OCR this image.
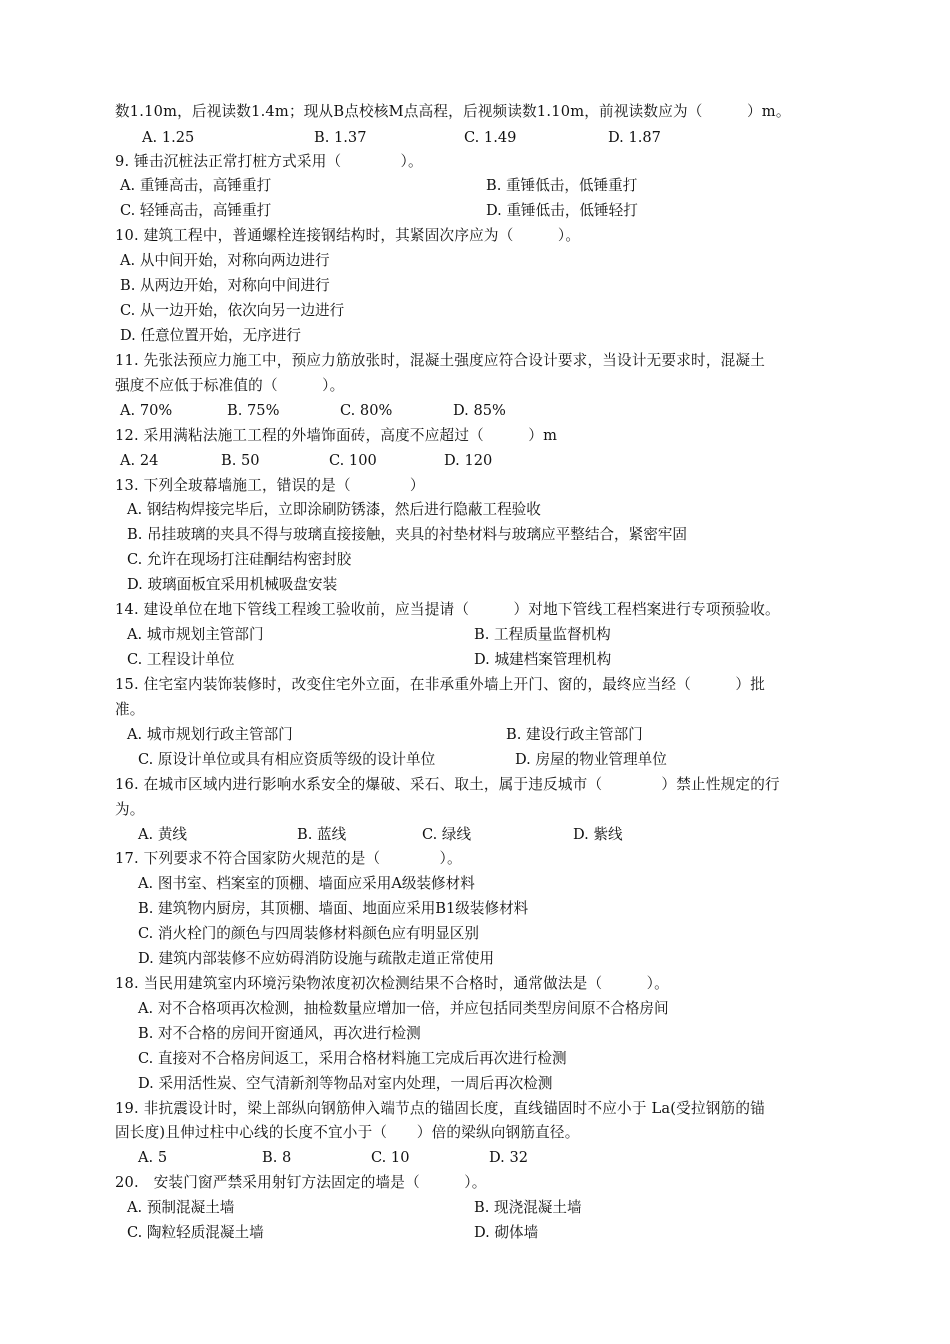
数1.10m，后视读数1.4m；现从B点校核M点高程，后视频读数1.10m，前视读数应为（　　　）m。
A. 1.25	B. 1.37	C. 1.49	D. 1.87
9. 锤击沉桩法正常打桩方式采用（　　　　）。
A. 重锤高击，高锤重打	B. 重锤低击，低锤重打
C. 轻锤高击，高锤重打	D. 重锤低击，低锤轻打
10. 建筑工程中，普通螺栓连接钢结构时，其紧固次序应为（　　　）。
A. 从中间开始，对称向两边进行
B. 从两边开始，对称向中间进行
C. 从一边开始，依次向另一边进行
D. 任意位置开始，无序进行
11. 先张法预应力施工中，预应力筋放张时，混凝土强度应符合设计要求，当设计无要求时，混凝土
强度不应低于标准值的（　　　）。
A. 70%	B. 75%	C. 80%	D. 85%
12. 采用满粘法施工工程的外墙饰面砖，高度不应超过（　　　）m
A. 24	B. 50	C. 100	D. 120
13. 下列全玻幕墙施工，错误的是（　　　　）
A. 钢结构焊接完毕后，立即涂刷防锈漆，然后进行隐蔽工程验收
B. 吊挂玻璃的夹具不得与玻璃直接接触，夹具的衬垫材料与玻璃应平整结合，紧密牢固
C. 允许在现场打注硅酮结构密封胶
D. 玻璃面板宜采用机械吸盘安装
14. 建设单位在地下管线工程竣工验收前，应当提请（　　　）对地下管线工程档案进行专项预验收。
A. 城市规划主管部门	B. 工程质量监督机构
C. 工程设计单位	D. 城建档案管理机构
15. 住宅室内装饰装修时，改变住宅外立面，在非承重外墙上开门、窗的，最终应当经（　　　）批
准。
A. 城市规划行政主管部门	B. 建设行政主管部门
C. 原设计单位或具有相应资质等级的设计单位	D. 房屋的物业管理单位
16. 在城市区域内进行影响水系安全的爆破、采石、取土，属于违反城市（　　　　）禁止性规定的行
为。
A. 黄线	B. 蓝线	C. 绿线	D. 紫线
17. 下列要求不符合国家防火规范的是（　　　　）。
A. 图书室、档案室的顶棚、墙面应采用A级装修材料
B. 建筑物内厨房，其顶棚、墙面、地面应采用B1级装修材料
C. 消火栓门的颜色与四周装修材料颜色应有明显区别
D. 建筑内部装修不应妨碍消防设施与疏散走道正常使用
18. 当民用建筑室内环境污染物浓度初次检测结果不合格时，通常做法是（　　　）。
A. 对不合格项再次检测，抽检数量应增加一倍，并应包括同类型房间原不合格房间
B. 对不合格的房间开窗通风，再次进行检测
C. 直接对不合格房间返工，采用合格材料施工完成后再次进行检测
D. 采用活性炭、空气清新剂等物品对室内处理，一周后再次检测
19. 非抗震设计时，梁上部纵向钢筋伸入端节点的锚固长度，直线锚固时不应小于 La(受拉钢筋的锚
固长度)且伸过柱中心线的长度不宜小于（　　）倍的梁纵向钢筋直径。
A. 5	B. 8	C. 10	D. 32
20.　安装门窗严禁采用射钉方法固定的墙是（　　　）。
A. 预制混凝土墙	B. 现浇混凝土墙
C. 陶粒轻质混凝土墙	D. 砌体墙
